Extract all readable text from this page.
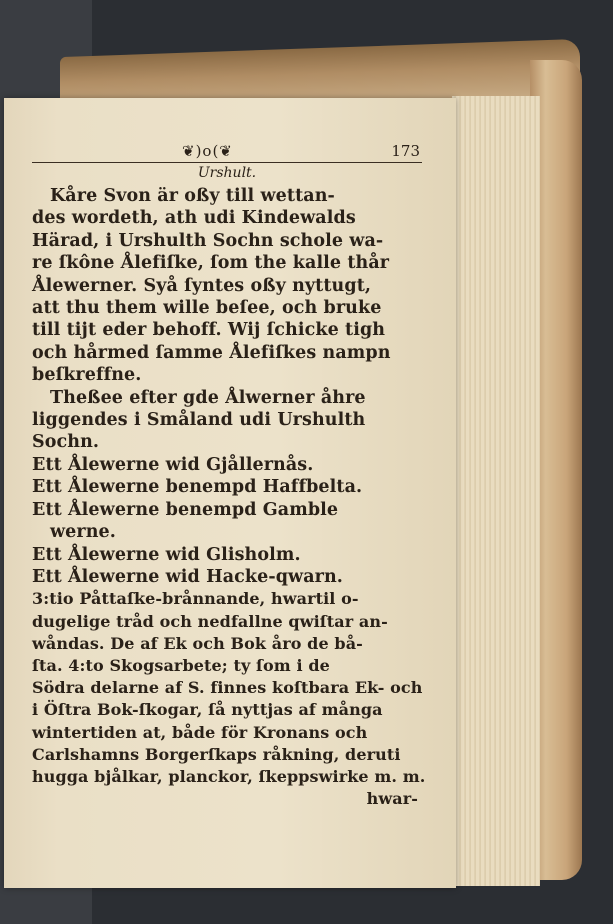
❦)o(❦	173
Urshult.
Kåre Svon är oßy till wettan-
des wordeth, ath udi Kindewalds
Härad, i Urshulth Sochn schole wa-
re ſkône Ålefiſke, ſom the kalle thår
Ålewerner. Syå ſyntes oßy nyttugt,
att thu them wille beſee, och bruke
till tijt eder behoff. Wij ſchicke tigh
och hårmed ſamme Ålefiſkes nampn
beſkreffne.
Theßee efter gde Ålwerner åhre
liggendes i Småland udi Urshulth
Sochn.
Ett Ålewerne wid Gjållernås.
Ett Ålewerne benempd Haffbelta.
Ett Ålewerne benempd Gamble
werne.
Ett Ålewerne wid Glisholm.
Ett Ålewerne wid Hacke-qwarn.
3:tio Påttaſke-brånnande, hwartil o-
dugelige tråd och nedfallne qwiſtar an-
wåndas. De af Ek och Bok åro de bå-
ſta. 4:to Skogsarbete; ty ſom i de
Södra delarne af S. finnes koſtbara Ek- och
i Öſtra Bok-ſkogar, ſå nyttjas af många
wintertiden at, både för Kronans och
Carlshamns Borgerſkaps råkning, deruti
hugga bjålkar, planckor, ſkeppswirke m. m.
hwar-
